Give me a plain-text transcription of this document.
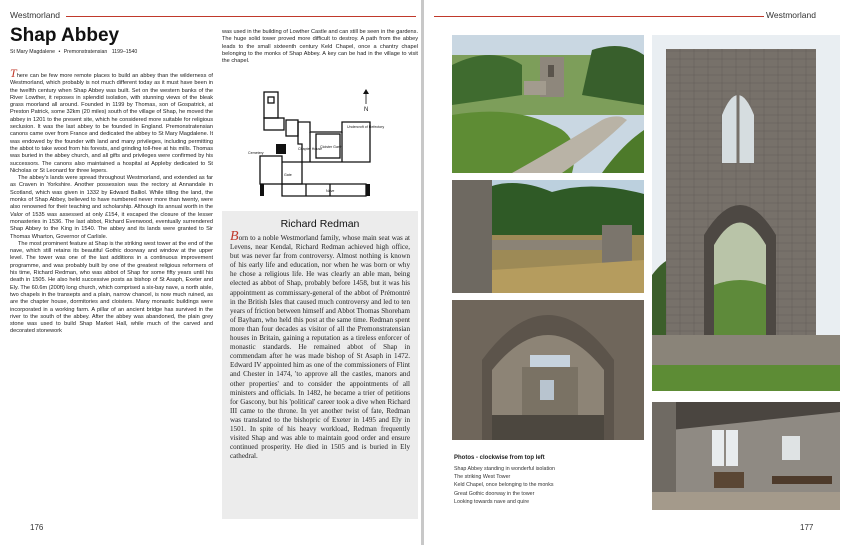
Westmorland
Shap Abbey
St Mary Magdalene • Premonstratensian 1199–1540

There can be few more remote places to build an abbey than the wilderness of Westmorland, which probably is not much different today as it must have been in the twelfth century when Shap Abbey was built. Set on the western banks of the River Lowther, it reposes in splendid isolation, with stunning views of the bleak grass moorland all around. Founded in 1199 by Thomas, son of Gospatrick, at Preston Patrick, some 32km (20 miles) south of the village of Shap, he moved the abbey in 1201 to the present site, which he considered more suitable for religious seclusion. It was the last abbey to be founded in England. Premonstratensian canons came over from France and dedicated the abbey to St Mary Magdalene. It was endowed by the founder with land and many privileges, including permitting the abbot to take wood from his forests, and grinding toll-free at his mills. Thomas was buried in the abbey church, and all gifts and privileges were confirmed by his successors. The canons also maintained a hospital at Appleby dedicated to St Nicholas or St Leonard for three lepers.

The abbey's lands were spread throughout Westmorland, and extended as far as Craven in Yorkshire. Another possession was the rectory at Annandale in Scotland, which was given in 1332 by Edward Balliol. While tilling the land, the monks of Shap Abbey, believed to have numbered never more than twenty, were also renowned for their teaching and scholarship. Although its annual worth in the Valor of 1535 was assessed at only £154, it escaped the closure of the lesser monasteries in 1536. The last abbot, Richard Evenwood, eventually surrendered Shap Abbey to the King in 1540. The abbey and its lands were granted to Sir Thomas Wharton, Governor of Carlisle.

The most prominent feature at Shap is the striking west tower at the end of the nave, which still retains its beautiful Gothic doorway and window at the upper level. The tower was one of the last additions in a continuous improvement programme, and was probably built by one of the greatest religious reformers of his time, Richard Redman, who was abbot of Shap for some fifty years until his death in 1505. He also held successive posts as bishop of St Asaph, Exeter and Ely. The 60.6m (200ft) long church, which comprised a six-bay nave, a north aisle, two chapels in the transepts and a plain, narrow chancel, is now much ruined, as are the chapter house, dormitories and cloisters. Many monastic buildings were incorporated in a working farm. A pillar of an ancient bridge has survived in the river to the south of the abbey. After the abbey was abandoned, the plain grey stone was used to build Shap Market Hall, while much of the carved and decorated stonework

was used in the building of Lowther Castle and can still be seen in the gardens. The huge solid tower proved more difficult to destroy. A path from the abbey leads to the small sixteenth century Keld Chapel, once a chantry chapel belonging to the monks of Shap Abbey. A key can be had in the village to visit the chapel.

Undercroft of Refectory
Chapter House
Cloister Garth
Cemetery
Gate
Nave
N
Richard Redman
Born to a noble Westmorland family, whose main seat was at Levens, near Kendal, Richard Redman achieved high office, but was never far from controversy. Almost nothing is known of his early life and education, nor when he was born or why he chose a religious life. He was clearly an able man, being elected as abbot of Shap, probably before 1458, but it was his appointment as commissary-general of the abbot of Prémontré in the British Isles that caused much controversy and led to ten years of friction between himself and Abbot Thomas Shoreham of Bayham, who held this post at the same time. Redman spent more than four decades as visitor of all the Premonstratensian houses in Britain, gaining a reputation as a tireless enforcer of monastic standards. He remained abbot of Shap in commendam after he was made bishop of St Asaph in 1472. Edward IV appointed him as one of the commissioners of Flint and Chester in 1474, 'to approve all the castles, manors and other properties' and to consider the appointments of all ministers and officials. In 1482, he became a trier of petitions for Gascony, but his 'political' career took a dive when Richard III came to the throne. In yet another twist of fate, Redman was translated to the bishopric of Exeter in 1495 and Ely in 1501. In spite of his heavy workload, Redman frequently visited Shap and was able to maintain good order and ensure continued prosperity. He died in 1505 and is buried in Ely cathedral.
176
Westmorland
Photos - clockwise from top left
Shap Abbey standing in wonderful isolation
The striking West Tower
Keld Chapel, once belonging to the monks
Great Gothic doorway in the tower
Looking towards nave and quire
177
